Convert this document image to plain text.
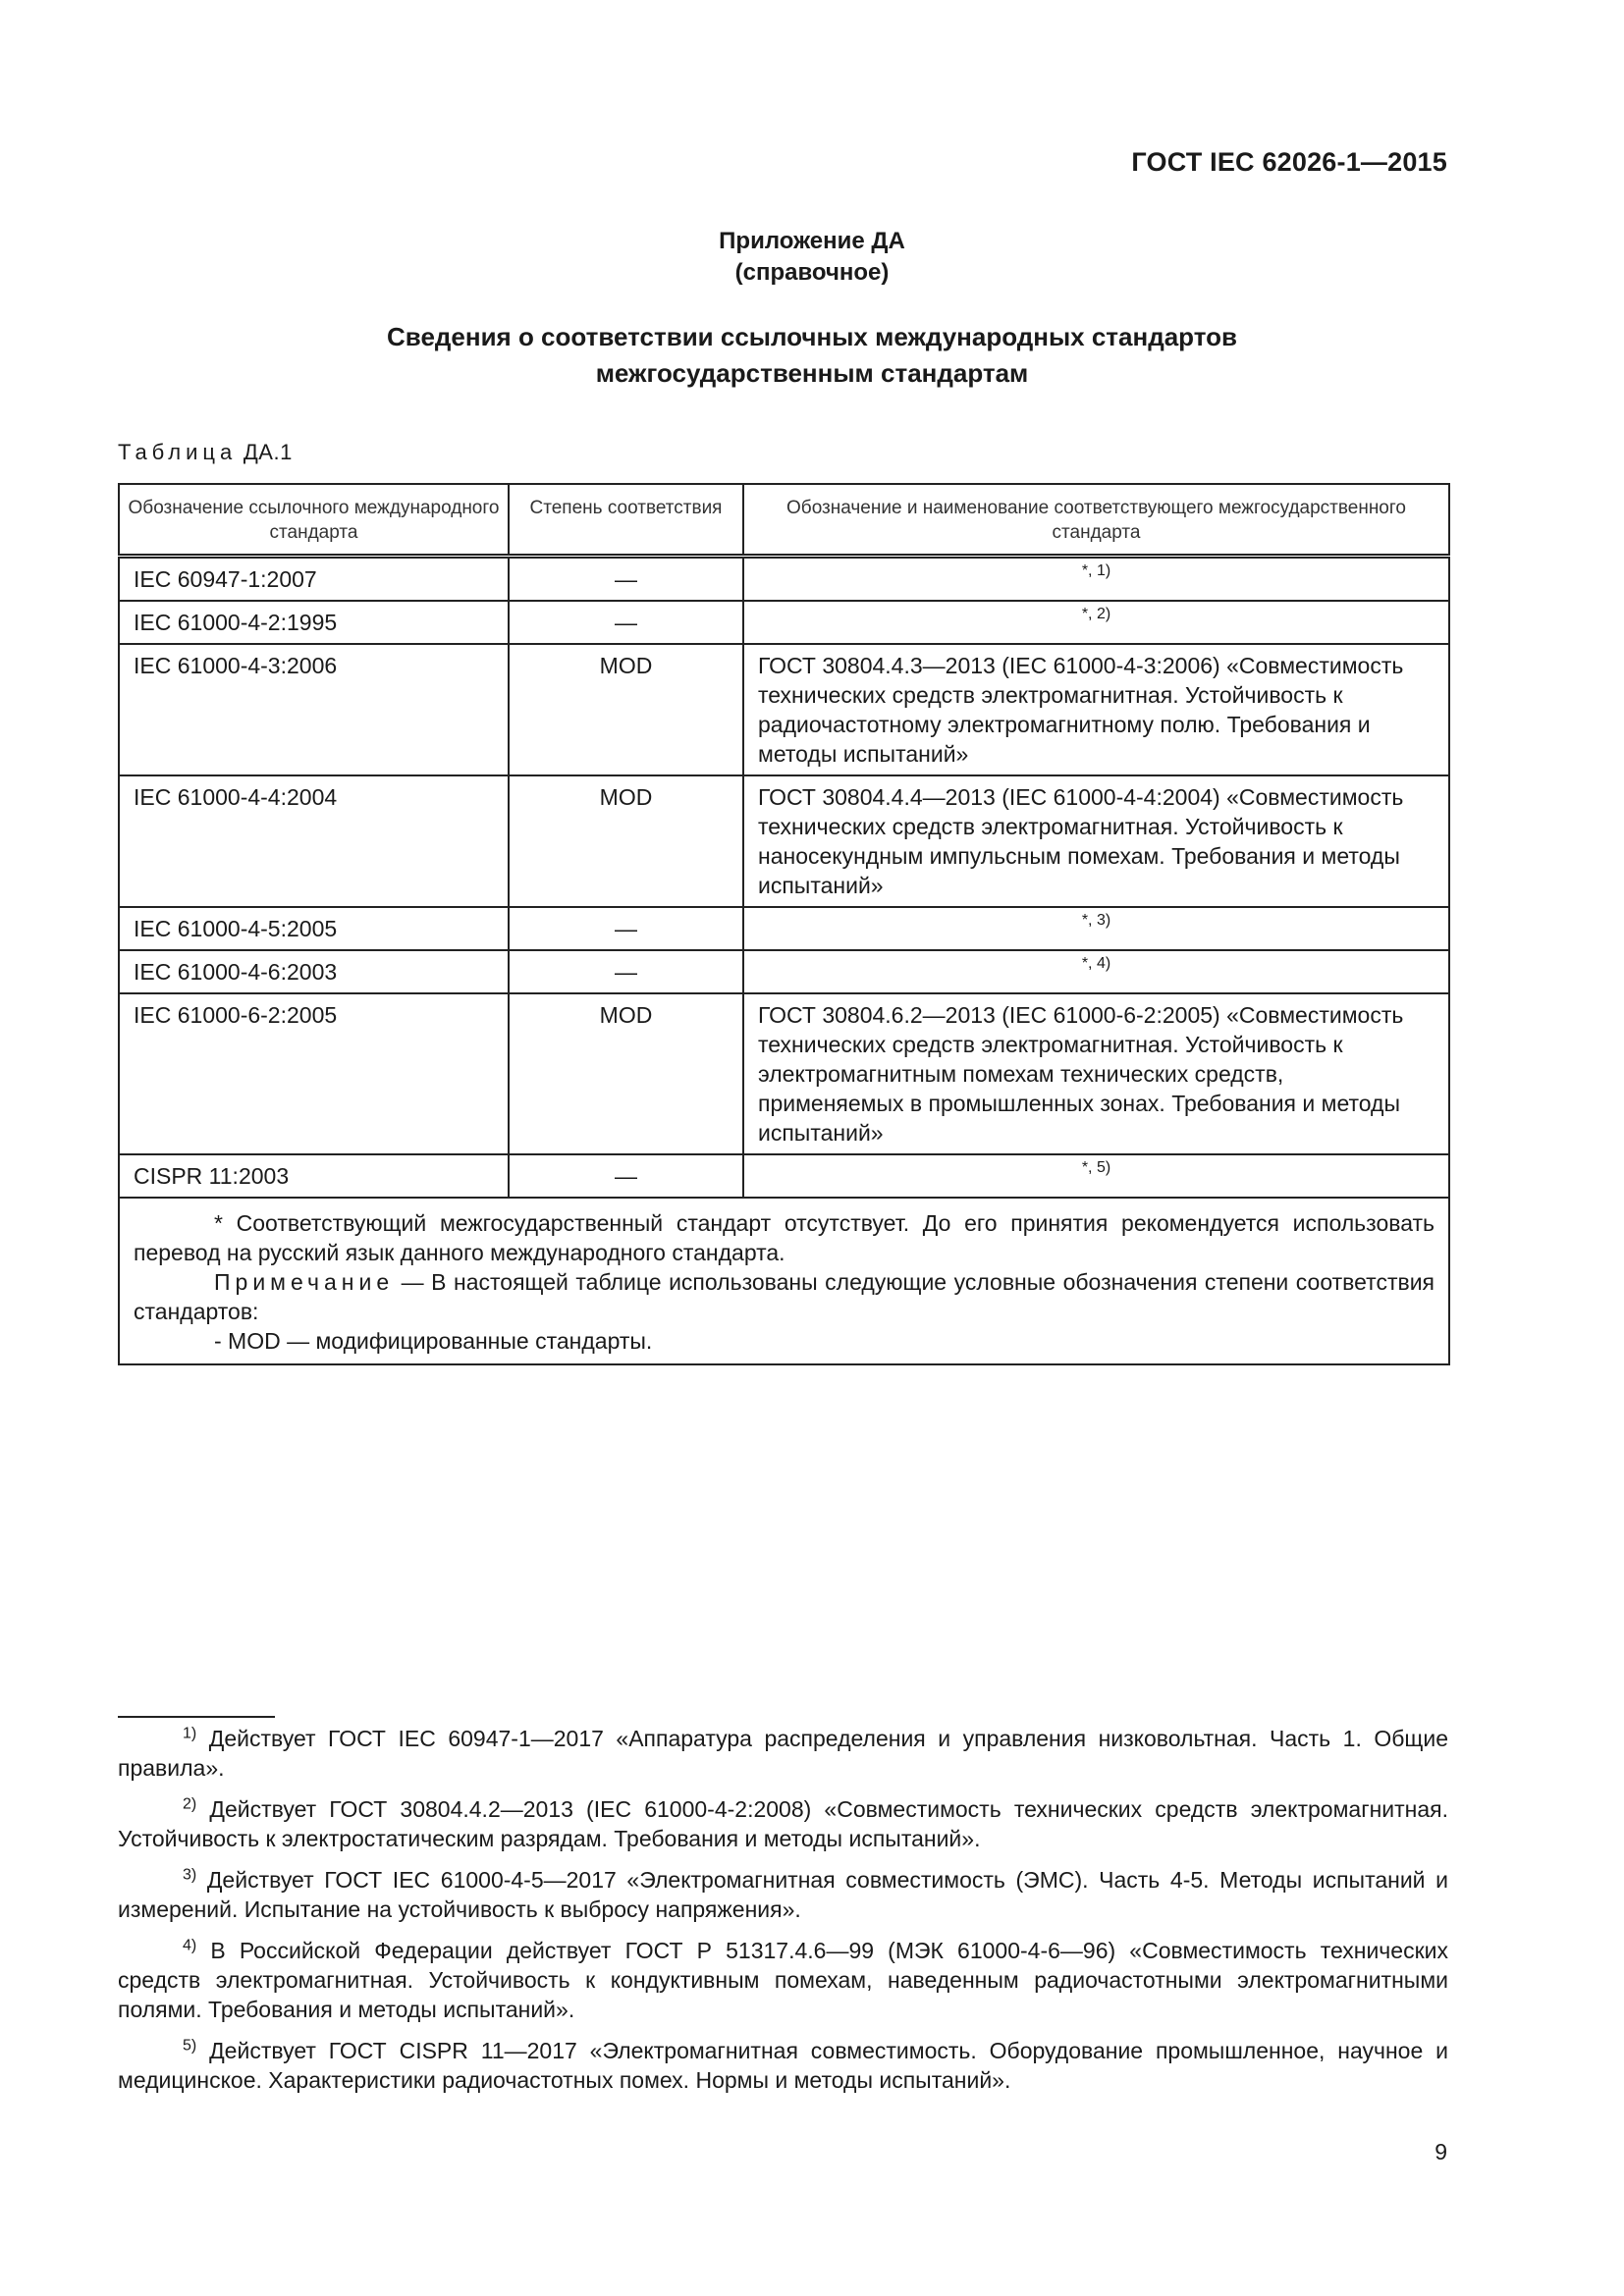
ГОСТ IEC 62026-1—2015
Приложение ДА
(справочное)
Сведения о соответствии ссылочных международных стандартов
межгосударственным стандартам
Таблица ДА.1
Обозначение ссылочного международного стандарта	Степень соответствия	Обозначение и наименование соответствующего межгосударственного стандарта
IEC 60947-1:2007	—	*, 1)
IEC 61000-4-2:1995	—	*, 2)
IEC 61000-4-3:2006	MOD	ГОСТ 30804.4.3—2013 (IEC 61000-4-3:2006) «Совместимость технических средств электромагнитная. Устойчивость к радиочастотному электромагнитному полю. Требования и методы испытаний»
IEC 61000-4-4:2004	MOD	ГОСТ 30804.4.4—2013 (IEC 61000-4-4:2004) «Совместимость технических средств электромагнитная. Устойчивость к наносекундным импульсным помехам. Требования и методы испытаний»
IEC 61000-4-5:2005	—	*, 3)
IEC 61000-4-6:2003	—	*, 4)
IEC 61000-6-2:2005	MOD	ГОСТ 30804.6.2—2013 (IEC 61000-6-2:2005) «Совместимость технических средств электромагнитная. Устойчивость к электромагнитным помехам технических средств, применяемых в промышленных зонах. Требования и методы испытаний»
CISPR 11:2003	—	*, 5)

* Соответствующий межгосударственный стандарт отсутствует. До его принятия рекомендуется использовать перевод на русский язык данного международного стандарта.

Примечание — В настоящей таблице использованы следующие условные обозначения степени соответствия стандартов:

- MOD — модифицированные стандарты.		

$^{1)}$ Действует ГОСТ IEC 60947-1—2017 «Аппаратура распределения и управления низковольтная. Часть 1. Общие правила».

$^{2)}$ Действует ГОСТ 30804.4.2—2013 (IEC 61000-4-2:2008) «Совместимость технических средств электромагнитная. Устойчивость к электростатическим разрядам. Требования и методы испытаний».

$^{3)}$ Действует ГОСТ IEC 61000-4-5—2017 «Электромагнитная совместимость (ЭМС). Часть 4-5. Методы испытаний и измерений. Испытание на устойчивость к выбросу напряжения».

$^{4)}$ В Российской Федерации действует ГОСТ Р 51317.4.6—99 (МЭК 61000-4-6—96) «Совместимость технических средств электромагнитная. Устойчивость к кондуктивным помехам, наведенным радиочастотными электромагнитными полями. Требования и методы испытаний».

$^{5)}$ Действует ГОСТ CISPR 11—2017 «Электромагнитная совместимость. Оборудование промышленное, научное и медицинское. Характеристики радиочастотных помех. Нормы и методы испытаний».

9
